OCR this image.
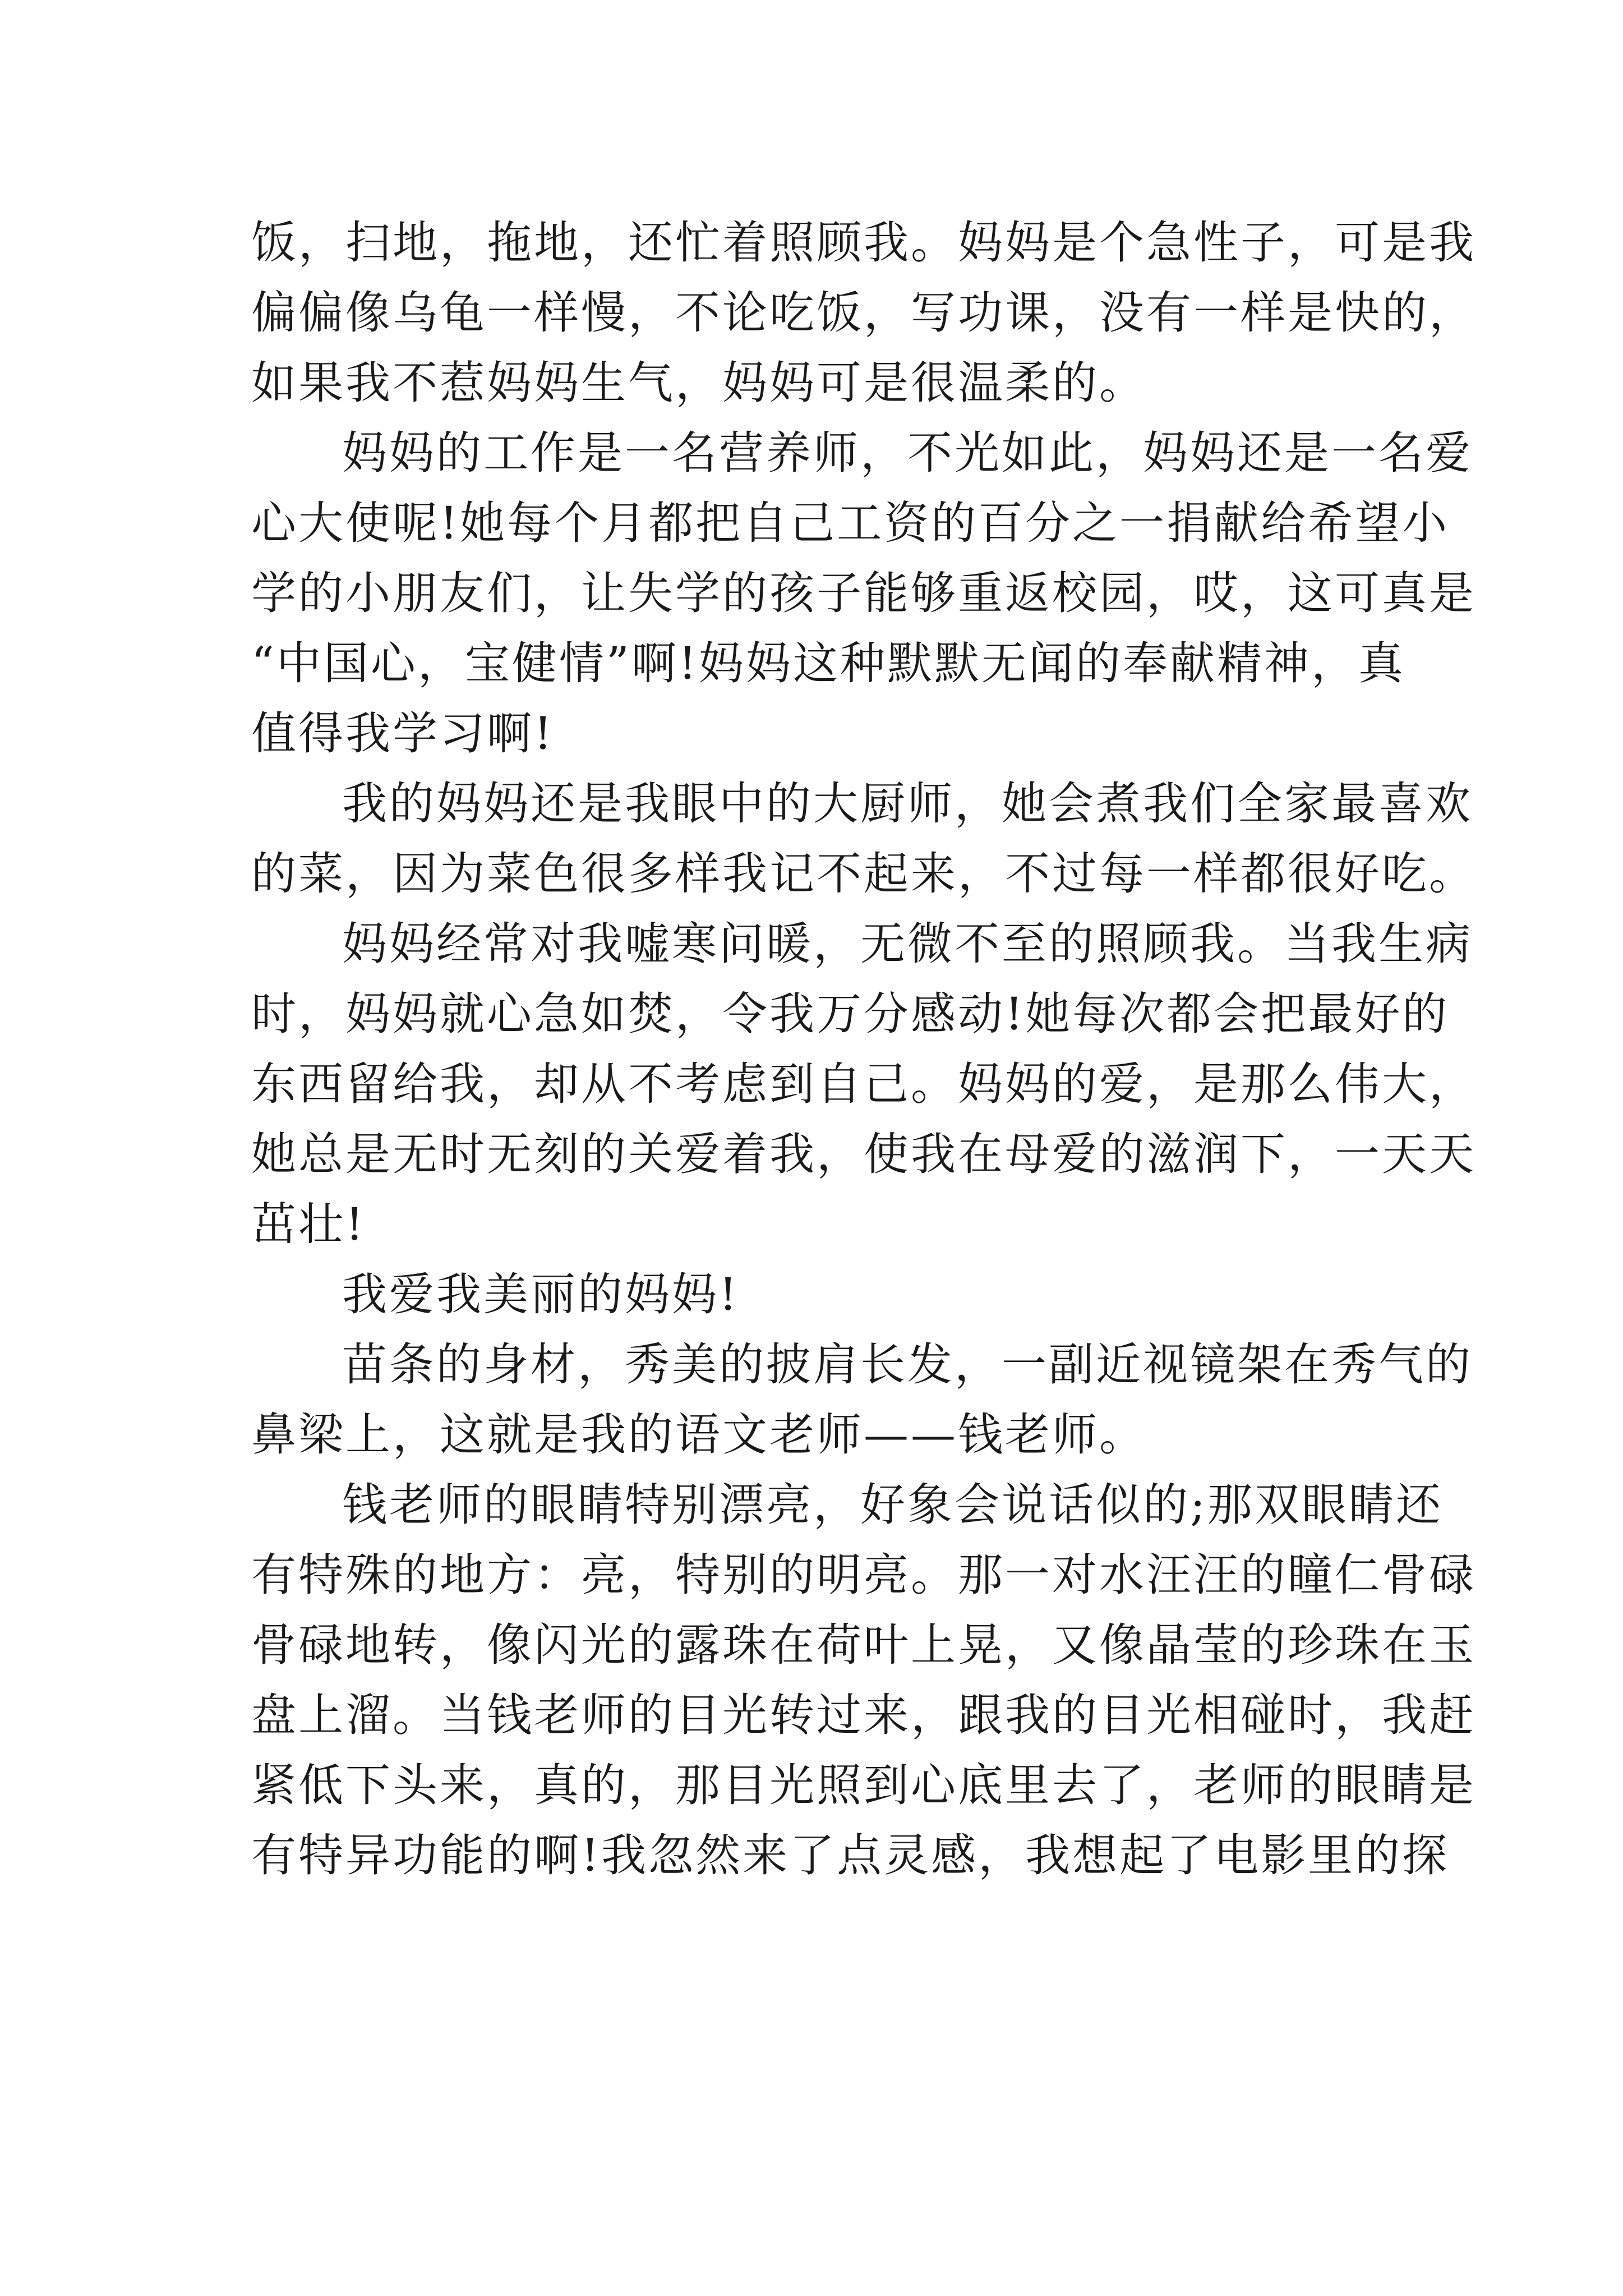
饭，扫地，拖地，还忙着照顾我。妈妈是个急性子，可是我
偏偏像乌龟一样慢，不论吃饭，写功课，没有一样是快的，
如果我不惹妈妈生气，妈妈可是很温柔的。
妈妈的工作是一名营养师，不光如此，妈妈还是一名爱
心大使呢!她每个月都把自己工资的百分之一捐献给希望小
学的小朋友们，让失学的孩子能够重返校园，哎，这可真是
“中国心，宝健情”啊!妈妈这种默默无闻的奉献精神，真
值得我学习啊!
我的妈妈还是我眼中的大厨师，她会煮我们全家最喜欢
的菜，因为菜色很多样我记不起来，不过每一样都很好吃。
妈妈经常对我嘘寒问暖，无微不至的照顾我。当我生病
时，妈妈就心急如焚，令我万分感动!她每次都会把最好的
东西留给我，却从不考虑到自己。妈妈的爱，是那么伟大，
她总是无时无刻的关爱着我，使我在母爱的滋润下，一天天
茁壮!
我爱我美丽的妈妈!
苗条的身材，秀美的披肩长发，一副近视镜架在秀气的
鼻梁上，这就是我的语文老师——钱老师。
钱老师的眼睛特别漂亮，好象会说话似的;那双眼睛还
有特殊的地方：亮，特别的明亮。那一对水汪汪的瞳仁骨碌
骨碌地转，像闪光的露珠在荷叶上晃，又像晶莹的珍珠在玉
盘上溜。当钱老师的目光转过来，跟我的目光相碰时，我赶
紧低下头来，真的，那目光照到心底里去了，老师的眼睛是
有特异功能的啊!我忽然来了点灵感，我想起了电影里的探
